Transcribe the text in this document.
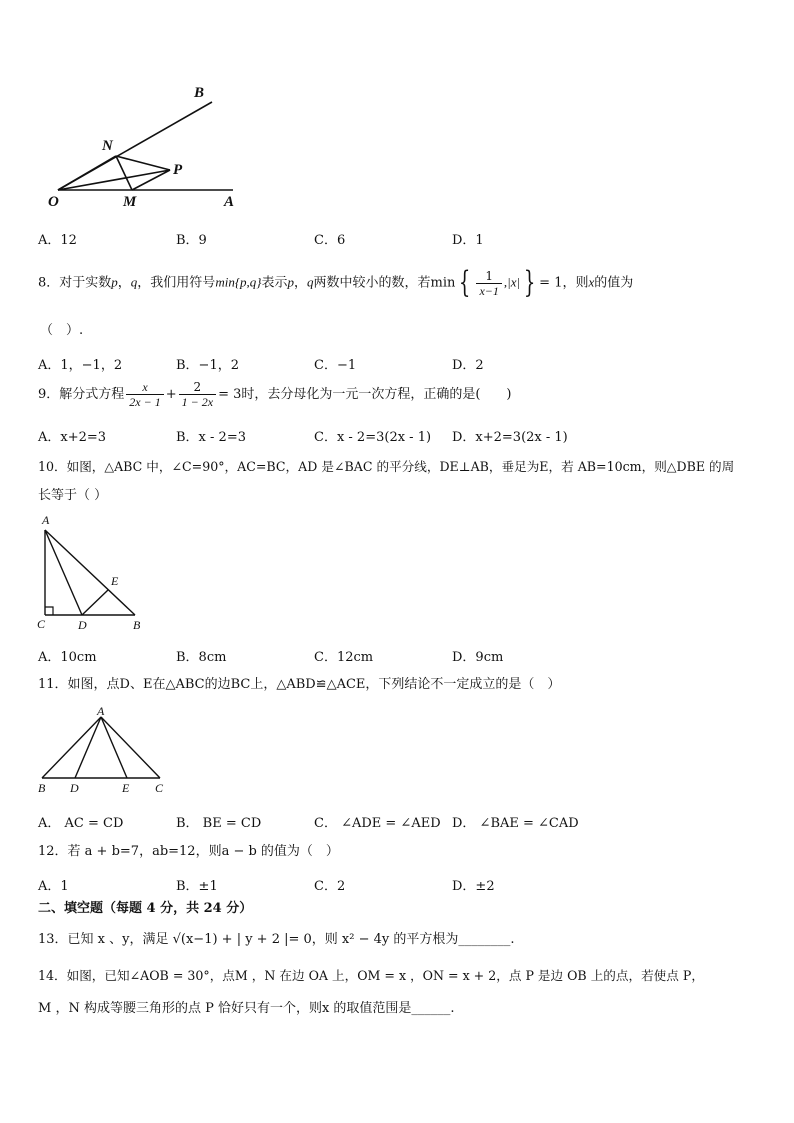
B
N
P
O	M	A
A．12	B．9	C．6	D．1
8．对于实数p，q，我们用符号min{p,q}表示p，q两数中较小的数，若min { $\frac{1}{x-1} ,|x|$ } = 1，则x的值为
（　）.
A．1，−1，2	B．−1，2	C．−1	D．2
9．解分式方程 $\frac{x}{2x - 1} + \frac{2}{1 - 2x} = 3$时，去分母化为一元一次方程，正确的是(　　)
A．x+2=3	B．x - 2=3	C．x - 2=3(2x - 1) D．x+2=3(2x - 1)
10．如图，△ABC 中，∠C=90°，AC=BC，AD 是∠BAC 的平分线，DE⊥AB，垂足为E，若 AB=10cm，则△DBE 的周
长等于（ ）
A
E
C	D	B
A．10cm	B．8cm	C．12cm	D．9cm
11．如图，点D、E在△ABC的边BC上，△ABD≌△ACE，下列结论不一定成立的是（　）
A
B D	E C
A． AC = CD	B． BE = CD	C． ∠ADE = ∠AED D． ∠BAE = ∠CAD
12．若 a + b=7，ab=12，则a − b 的值为（　）
A．1	B．±1	C．2	D．±2
二、填空题（每题 4 分，共 24 分）
13．已知 x 、y，满足 √(x−1) + | y + 2 |= 0，则 x² − 4y 的平方根为________.
14．如图，已知∠AOB = 30°，点M ，N 在边 OA 上，OM = x ，ON = x + 2，点 P 是边 OB 上的点，若使点 P，
M ，N 构成等腰三角形的点 P 恰好只有一个，则x 的取值范围是______.
